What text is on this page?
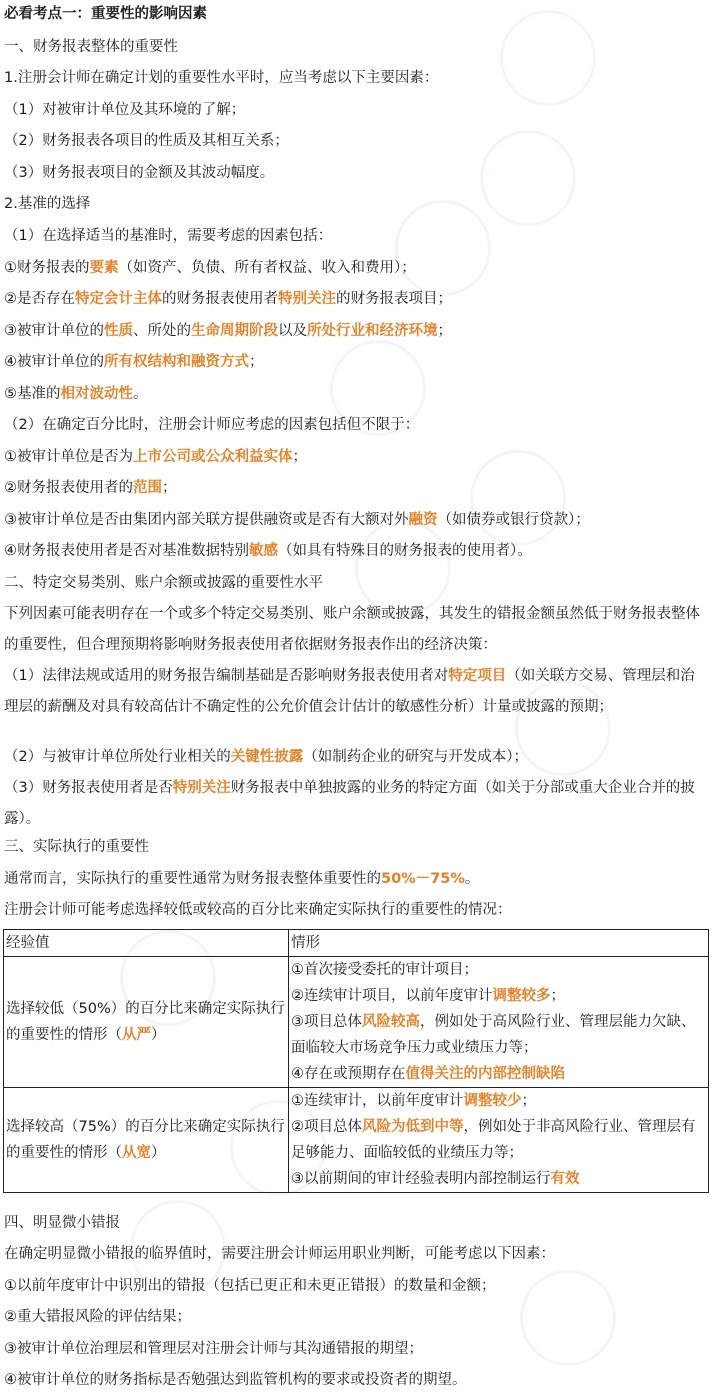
必看考点一：重要性的影响因素
一、财务报表整体的重要性
1.注册会计师在确定计划的重要性水平时，应当考虑以下主要因素：
（1）对被审计单位及其环境的了解；
（2）财务报表各项目的性质及其相互关系；
（3）财务报表项目的金额及其波动幅度。
2.基准的选择
（1）在选择适当的基准时，需要考虑的因素包括：
①财务报表的要素（如资产、负债、所有者权益、收入和费用）；
②是否存在特定会计主体的财务报表使用者特别关注的财务报表项目；
③被审计单位的性质、所处的生命周期阶段以及所处行业和经济环境；
④被审计单位的所有权结构和融资方式；
⑤基准的相对波动性。
（2）在确定百分比时，注册会计师应考虑的因素包括但不限于：
①被审计单位是否为上市公司或公众利益实体；
②财务报表使用者的范围；
③被审计单位是否由集团内部关联方提供融资或是否有大额对外融资（如债券或银行贷款）；
④财务报表使用者是否对基准数据特别敏感（如具有特殊目的财务报表的使用者）。
二、特定交易类别、账户余额或披露的重要性水平
下列因素可能表明存在一个或多个特定交易类别、账户余额或披露，其发生的错报金额虽然低于财务报表整体的重要性，但合理预期将影响财务报表使用者依据财务报表作出的经济决策：
（1）法律法规或适用的财务报告编制基础是否影响财务报表使用者对特定项目（如关联方交易、管理层和治理层的薪酬及对具有较高估计不确定性的公允价值会计估计的敏感性分析）计量或披露的预期；
（2）与被审计单位所处行业相关的关键性披露（如制药企业的研究与开发成本）；
（3）财务报表使用者是否特别关注财务报表中单独披露的业务的特定方面（如关于分部或重大企业合并的披露）。
三、实际执行的重要性
通常而言，实际执行的重要性通常为财务报表整体重要性的50%－75%。
注册会计师可能考虑选择较低或较高的百分比来确定实际执行的重要性的情况：
经验值	情形
选择较低（50%）的百分比来确定实际执行的重要性的情形（从严）	①首次接受委托的审计项目；
②连续审计项目，以前年度审计调整较多；
③项目总体风险较高，例如处于高风险行业、管理层能力欠缺、面临较大市场竞争压力或业绩压力等；
④存在或预期存在值得关注的内部控制缺陷

选择较高（75%）的百分比来确定实际执行的重要性的情形（从宽）	①连续审计，以前年度审计调整较少；
②项目总体风险为低到中等，例如处于非高风险行业、管理层有足够能力、面临较低的业绩压力等；
③以前期间的审计经验表明内部控制运行有效
四、明显微小错报
在确定明显微小错报的临界值时，需要注册会计师运用职业判断，可能考虑以下因素：
①以前年度审计中识别出的错报（包括已更正和未更正错报）的数量和金额；
②重大错报风险的评估结果；
③被审计单位治理层和管理层对注册会计师与其沟通错报的期望；
④被审计单位的财务指标是否勉强达到监管机构的要求或投资者的期望。
